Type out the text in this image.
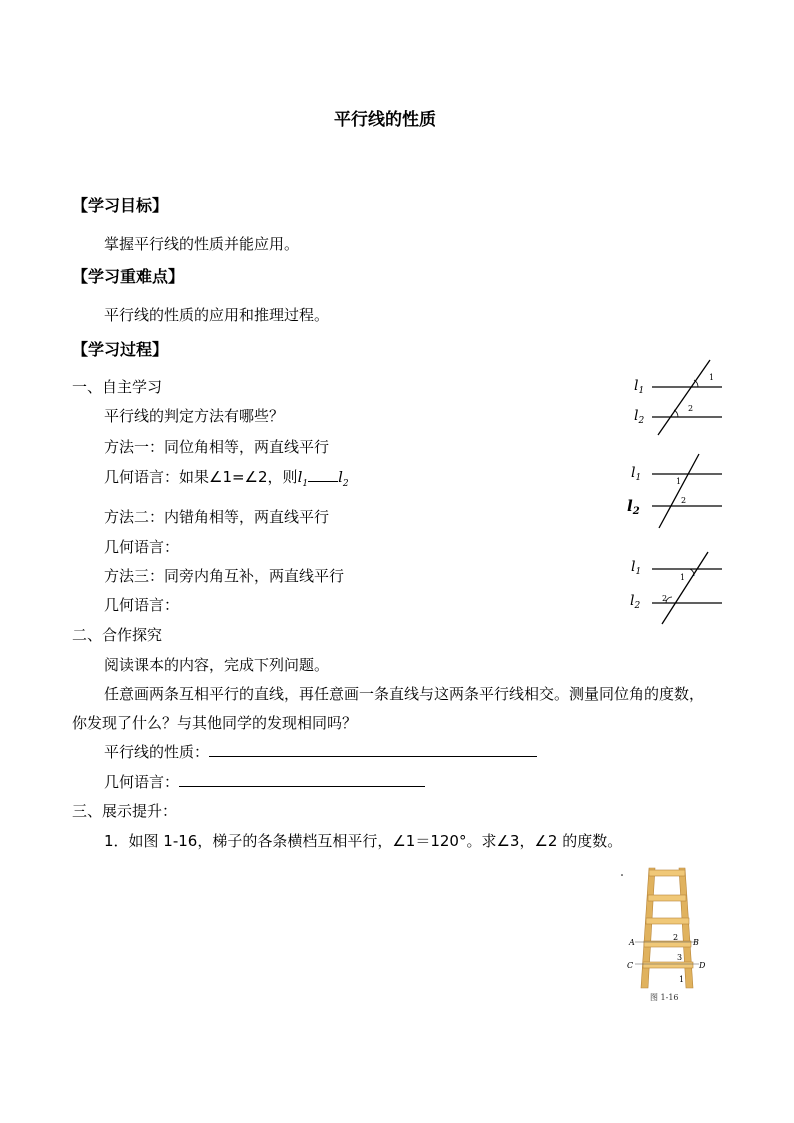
平行线的性质
【学习目标】
掌握平行线的性质并能应用。
【学习重难点】
平行线的性质的应用和推理过程。
【学习过程】
一、自主学习
平行线的判定方法有哪些？
方法一：同位角相等，两直线平行
几何语言：如果∠1=∠2，则$l_1$ $l_2$
方法二：内错角相等，两直线平行
几何语言：
方法三：同旁内角互补，两直线平行
几何语言：
二、合作探究
阅读课本的内容，完成下列问题。
任意画两条互相平行的直线，再任意画一条直线与这两条平行线相交。测量同位角的度数，
你发现了什么？与其他同学的发现相同吗？
平行线的性质：
几何语言：
三、展示提升：
1．如图 1-16，梯子的各条横档互相平行，∠1＝120°。求∠3，∠2 的度数。
$l_1$
$l_2$
1
2
$l_1$
$l_2$
1
2
$l_1$
$l_2$
1
2
A	B
C	D
2
3
1
图 1-16
